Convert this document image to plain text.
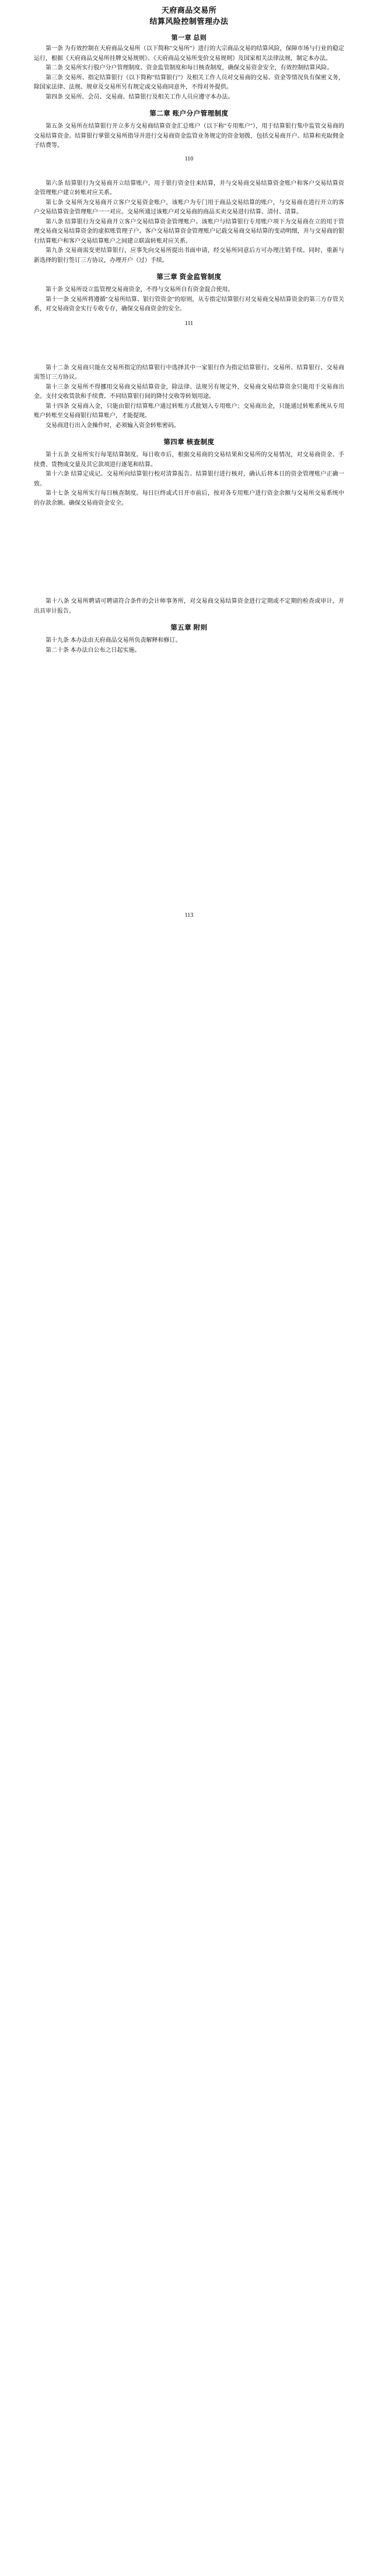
天府商品交易所
结算风险控制管理办法
第一章 总则

第一条 为有效控制在天府商品交易所（以下简称"交易所"）进行的大宗商品交易的结算风险，保障市场与行业的稳定运行，根据《天府商品交易所挂牌交易规则》、《天府商品交易所变价交易规则》及国家相关法律法规，制定本办法。

第二条 交易所实行股户分户管理制度、资金监管制度和每日核查制度，确保交易资金安全，有效控制结算风险。

第三条 交易所、指定结算银行（以下简称"结算银行"）及相关工作人员对交易商的交易、资金等情况负有保密义务，除国家法律、法规、规章及交易所另有规定或交易商同意外，不得对外提供。

第四条 交易所、会员、交易商、结算银行及相关工作人员应遵守本办法。

第二章 账户分户管理制度

第五条 交易所在结算银行开立多方交易商结算资金汇总账户（以下称"专用账户"），用于结算银行集中监管交易商的交易结算资金。结算银行掌银交易所指导并进行交易商资金监管业务规定的资金划拨，包括交易商开户、结算和充取佣金子结费等。

110

第六条 结算银行为交易商开立结算账户。用于银行资金往来结算，并与交易商交易结算资金账户和客户交易结算资金管理账户建立转账对应关系。

第七条 交易所为交易商开立客户交易资金账户，该账户为专门用于商品交易结算的账户，与交易商在进行开立的客户交易结算资金管理账户一一对应。交易所通过该账户对交易商的商品买卖交易进行结算、清付、清算。

第八条 结算银行为交易商开立客户交易结算资金管理账户。该账户与结算银行专用账户项下为交易商在立的用于管理交易商交易结算资金的虚拟账管理子户。客户交易结算资金管理账户记载交易商交易结算的变动明细，并与交易商的银行结算账户和客户交易结算账户之间建立联嵩转账对应关系。

第九条 交易商需变更结算银行，应事先向交易所提出书面申请，经交易所同意后方可办理注销手续。同时，重新与新选择的银行签订三方协议，办理开户（过）手续。

第三章 资金监管制度

第十条 交易所设立监管理交易商资金，不得与交易所自有资金混合使用。

第十一条 交易所将遵循"交易所结算、银行管资金"的原则，从专指定结算银行对交易商交易结算资金的第三方存管关系，对交易商资金实行专收专存，确保交易商资金的安全。

111

第十二条 交易商只能在交易所指定的结算银行中选择其中一家银行作为指定结算银行。交易所、结算银行、交易商需签订三方协议。

第十三条 交易所不得挪用交易商交易结算资金，除法律、法规另有规定外，交易商交易结算资金只能用于交易商出金。支付交收货款和手续费。不同结算银行间的降付交收等转划用途。

第十四条 交易商入金，只能由银行结算账户通过转账方式批划入专用账户；交易商出金，只能通过转账系统从专用账户转账至交易商银行结算账户，才能提现。

交易商进行出入金操作时，必须输入资金转账密码。

第四章 核查制度

第十五条 交易所实行每笔结算制度。每日收市后，根据交易商的交易结果和交易所的交易情况，对交易商资金、手续费、货物成交量及其它款项进行逐笔和结算。

第十六条 结算定成记。交易所向结算银行校对清算报告。结算银行进行核对，确认后将本日的资金管理账户正确一致。

第十七条 交易所实行每日核查制度。每日巨终或式日开市前后，按对各专用账户进行资金余额与交易所交易系统中的存款余额。确保交易商资金安全。

第十八条 交易所聘请可聘请符合条件的会计师事务所，对交易商交易结算资金进行定期或不定期的检查或审计，并出具审计报告。

第五章 附则

第十九条 本办法由天府商品交易所负责解释和修订。

第二十条 本办法自公布之日起实施。

113
